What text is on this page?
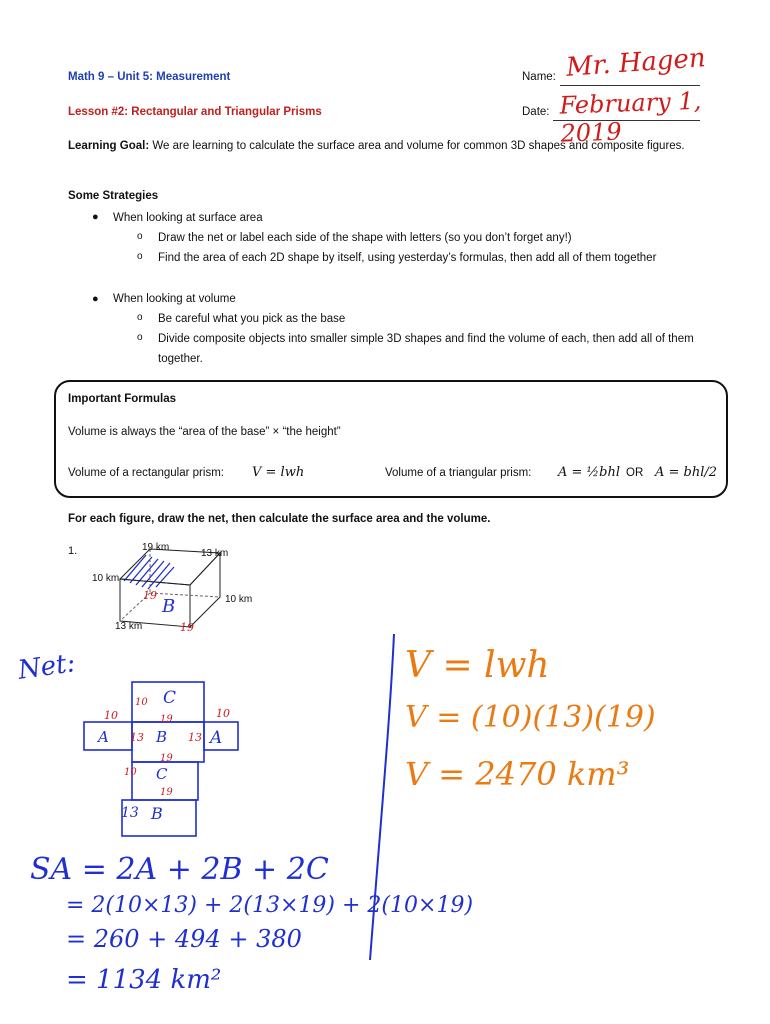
Math 9 – Unit 5: Measurement
Lesson #2: Rectangular and Triangular Prisms
Name:
Date:
Mr. Hagen
February 1, 2019
Learning Goal: We are learning to calculate the surface area and volume for common 3D shapes and composite figures.
Some Strategies
● When looking at surface area
o Draw the net or label each side of the shape with letters (so you don’t forget any!)
o Find the area of each 2D shape by itself, using yesterday’s formulas, then add all of them together
● When looking at volume
o Be careful what you pick as the base
o Divide composite objects into smaller simple 3D shapes and find the volume of each, then add all of them together.
Important Formulas
Volume is always the “area of the base” × “the height”
Volume of a rectangular prism: V = lwh	Volume of a triangular prism: A = ½bhl OR A = bhl/2
For each figure, draw the net, then calculate the surface area and the volume.
1.	19 km
13 km
10 km
10 km
13 km
19
B
19
Net:
C
10
19
10
A 13 B 13
10
A
19
10 C
19
13 B
V = lwh
V = (10)(13)(19)
V = 2470 km³
SA = 2A + 2B + 2C
= 2(10×13) + 2(13×19) + 2(10×19)
= 260 + 494 + 380
= 1134 km²
